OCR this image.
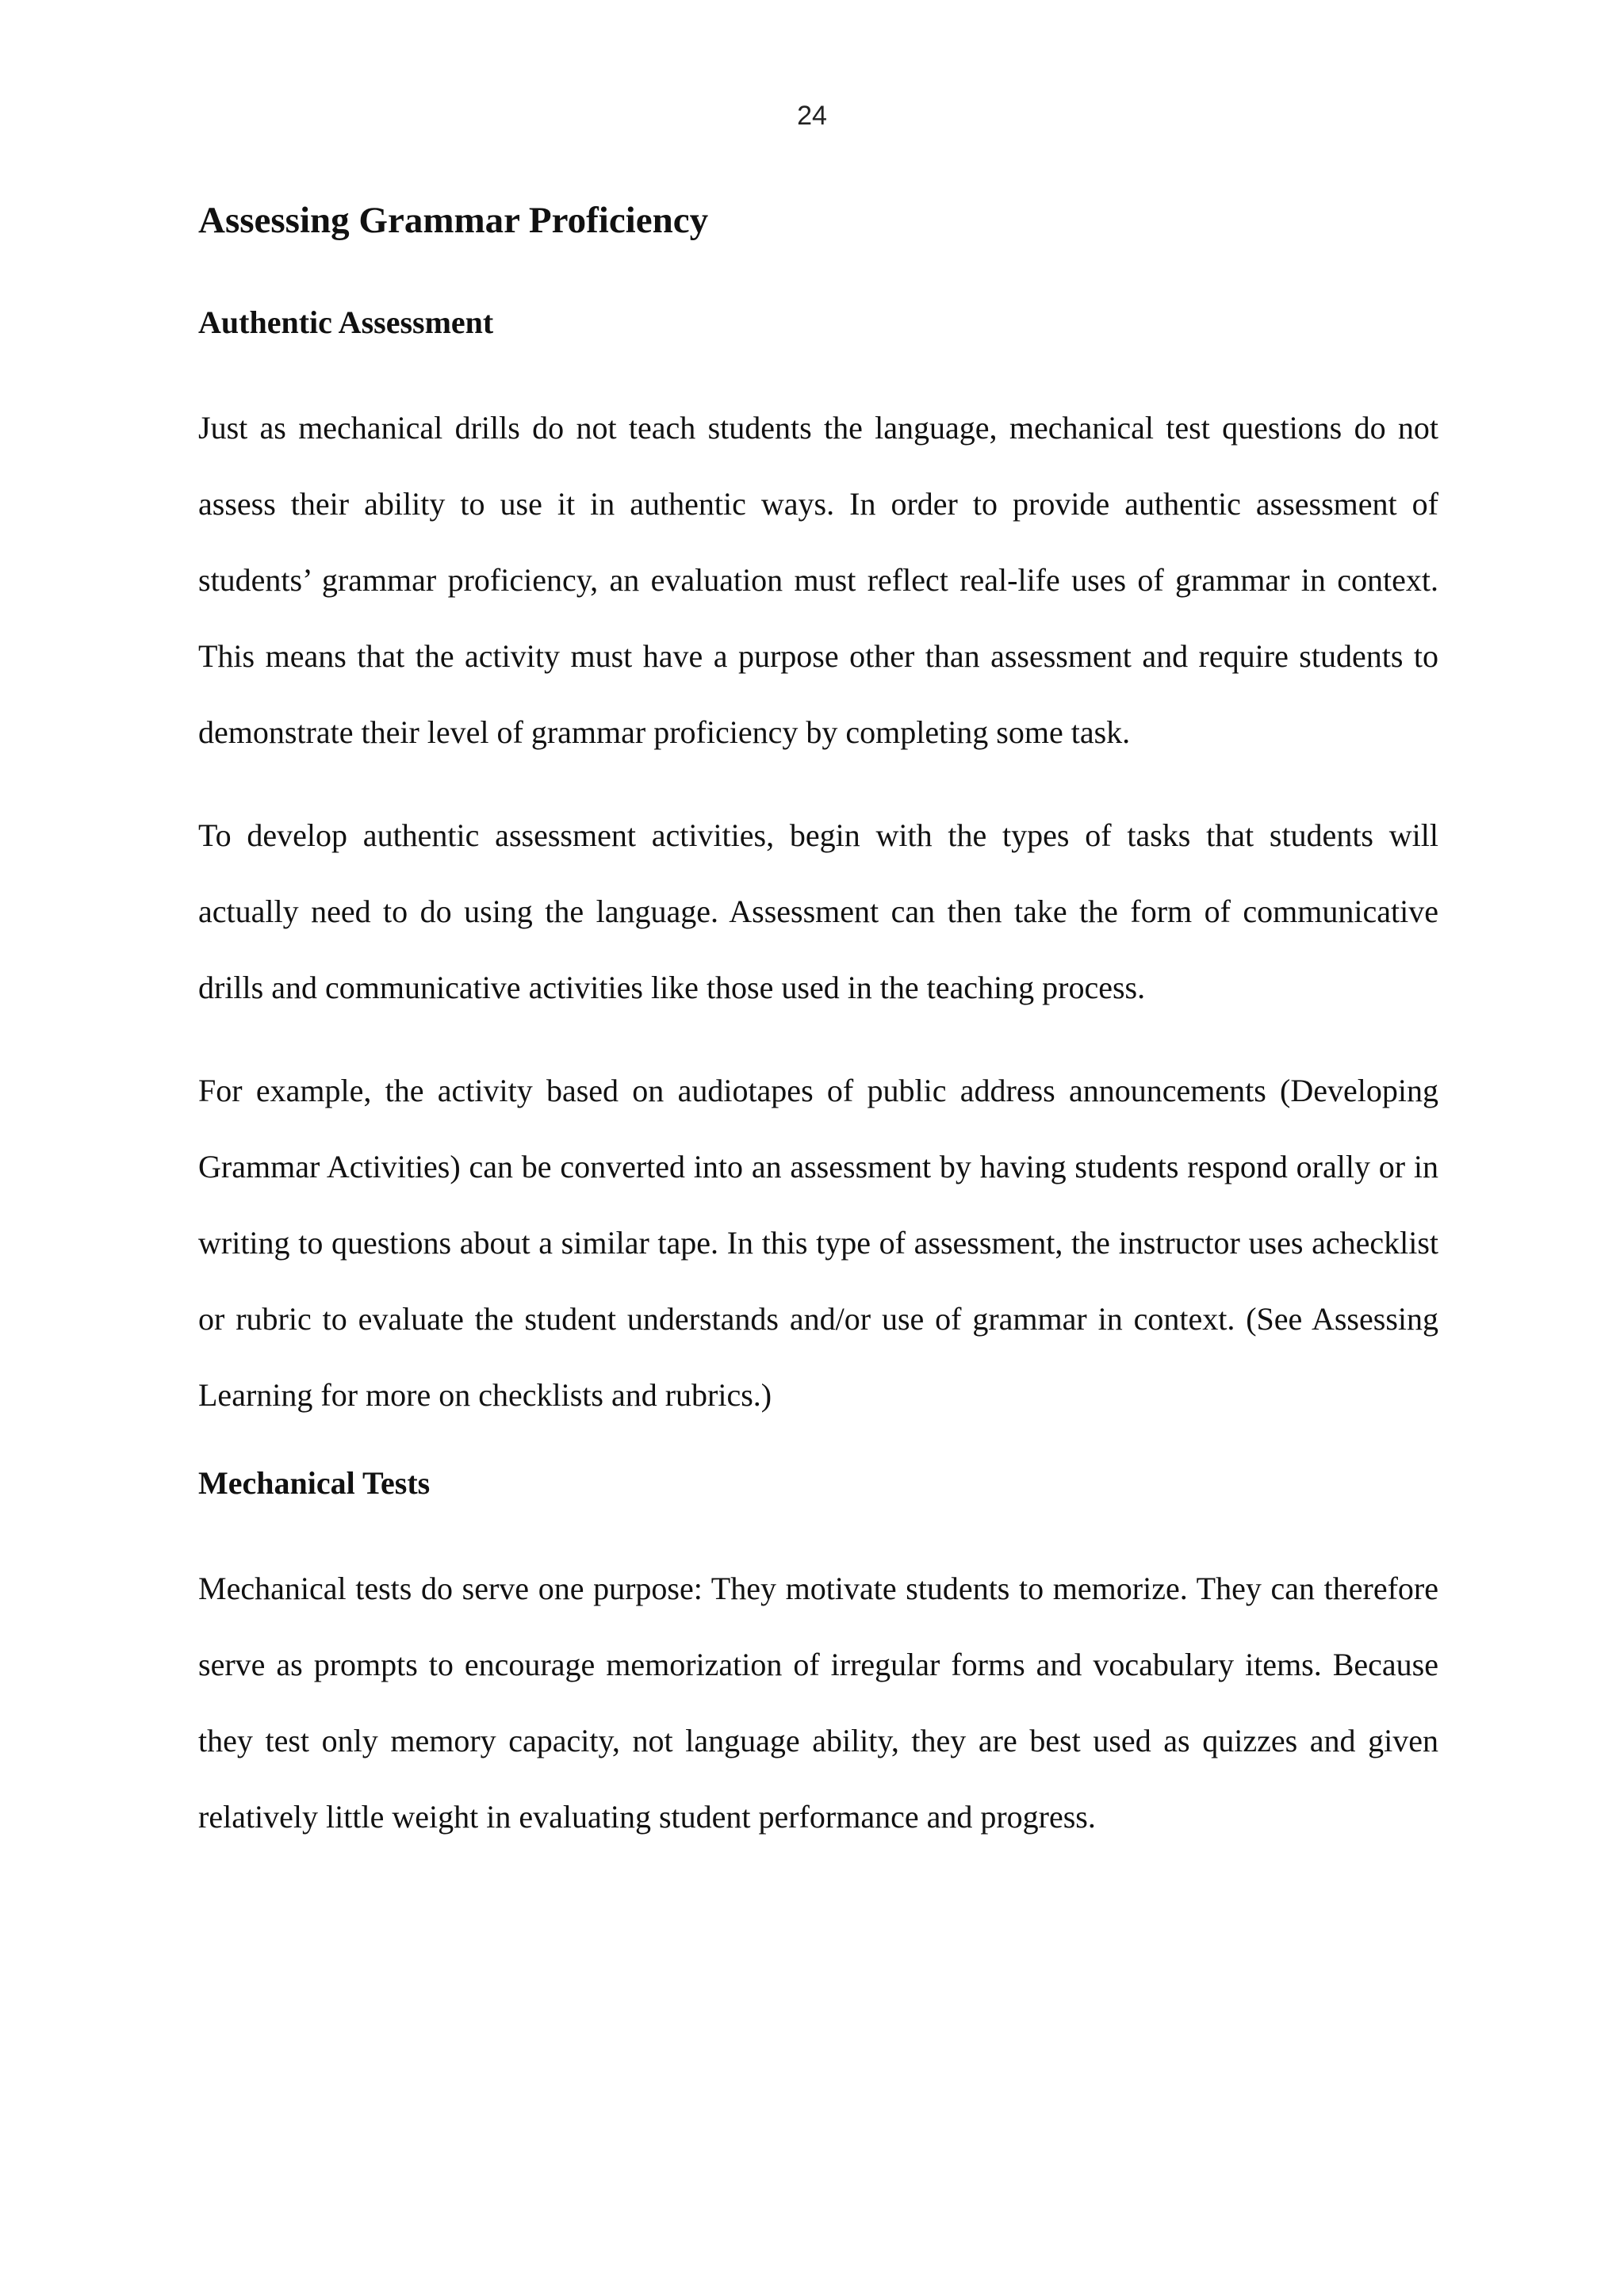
24
Assessing Grammar Proficiency
Authentic Assessment

Just as mechanical drills do not teach students the language, mechanical test questions do not assess their ability to use it in authentic ways. In order to provide authentic assessment of students’ grammar proficiency, an evaluation must reflect real-life uses of grammar in context. This means that the activity must have a purpose other than assessment and require students to demonstrate their level of grammar proficiency by completing some task.

To develop authentic assessment activities, begin with the types of tasks that students will actually need to do using the language. Assessment can then take the form of communicative drills and communicative activities like those used in the teaching process.

For example, the activity based on audiotapes of public address announcements (Developing Grammar Activities) can be converted into an assessment by having students respond orally or in writing to questions about a similar tape. In this type of assessment, the instructor uses achecklist or rubric to evaluate the student understands and/or use of grammar in context. (See Assessing Learning for more on checklists and rubrics.)

Mechanical Tests

Mechanical tests do serve one purpose: They motivate students to memorize. They can therefore serve as prompts to encourage memorization of irregular forms and vocabulary items. Because they test only memory capacity, not language ability, they are best used as quizzes and given relatively little weight in evaluating student performance and progress.
